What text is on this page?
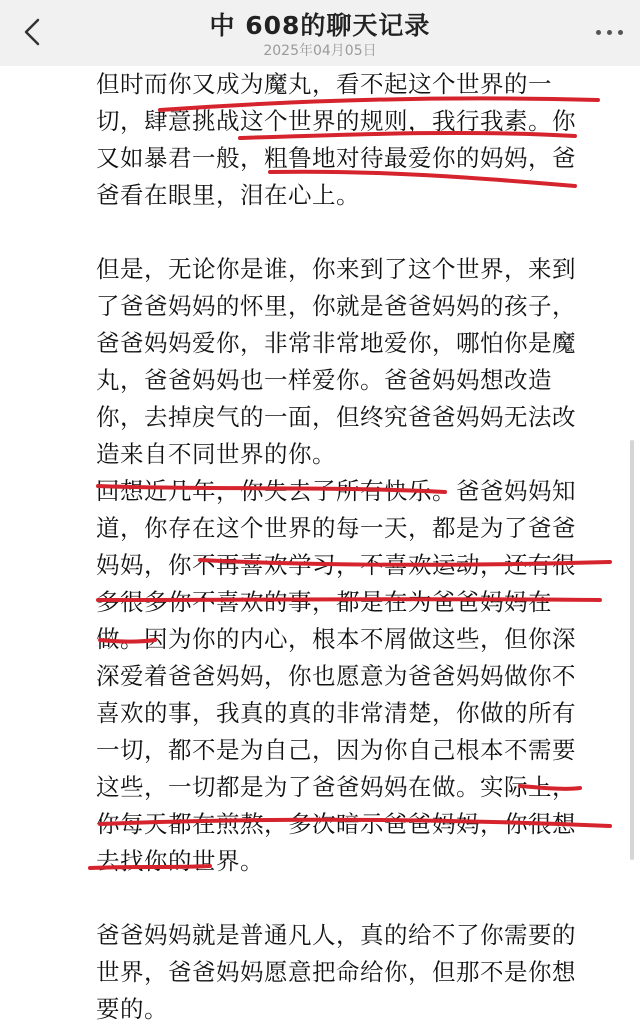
中 608的聊天记录
2025年04月05日
但时而你又成为魔丸，看不起这个世界的一
切，肆意挑战这个世界的规则，我行我素。你
又如暴君一般，粗鲁地对待最爱你的妈妈，爸
爸看在眼里，泪在心上。
但是，无论你是谁，你来到了这个世界，来到
了爸爸妈妈的怀里，你就是爸爸妈妈的孩子，
爸爸妈妈爱你，非常非常地爱你，哪怕你是魔
丸，爸爸妈妈也一样爱你。爸爸妈妈想改造
你，去掉戾气的一面，但终究爸爸妈妈无法改
造来自不同世界的你。
回想近几年，你失去了所有快乐。爸爸妈妈知
道，你存在这个世界的每一天，都是为了爸爸
妈妈，你不再喜欢学习，不喜欢运动，还有很
多很多你不喜欢的事，都是在为爸爸妈妈在
做。因为你的内心，根本不屑做这些，但你深
深爱着爸爸妈妈，你也愿意为爸爸妈妈做你不
喜欢的事，我真的真的非常清楚，你做的所有
一切，都不是为自己，因为你自己根本不需要
这些，一切都是为了爸爸妈妈在做。实际上，
你每天都在煎熬，多次暗示爸爸妈妈，你很想
去找你的世界。
爸爸妈妈就是普通凡人，真的给不了你需要的
世界，爸爸妈妈愿意把命给你，但那不是你想
要的。
